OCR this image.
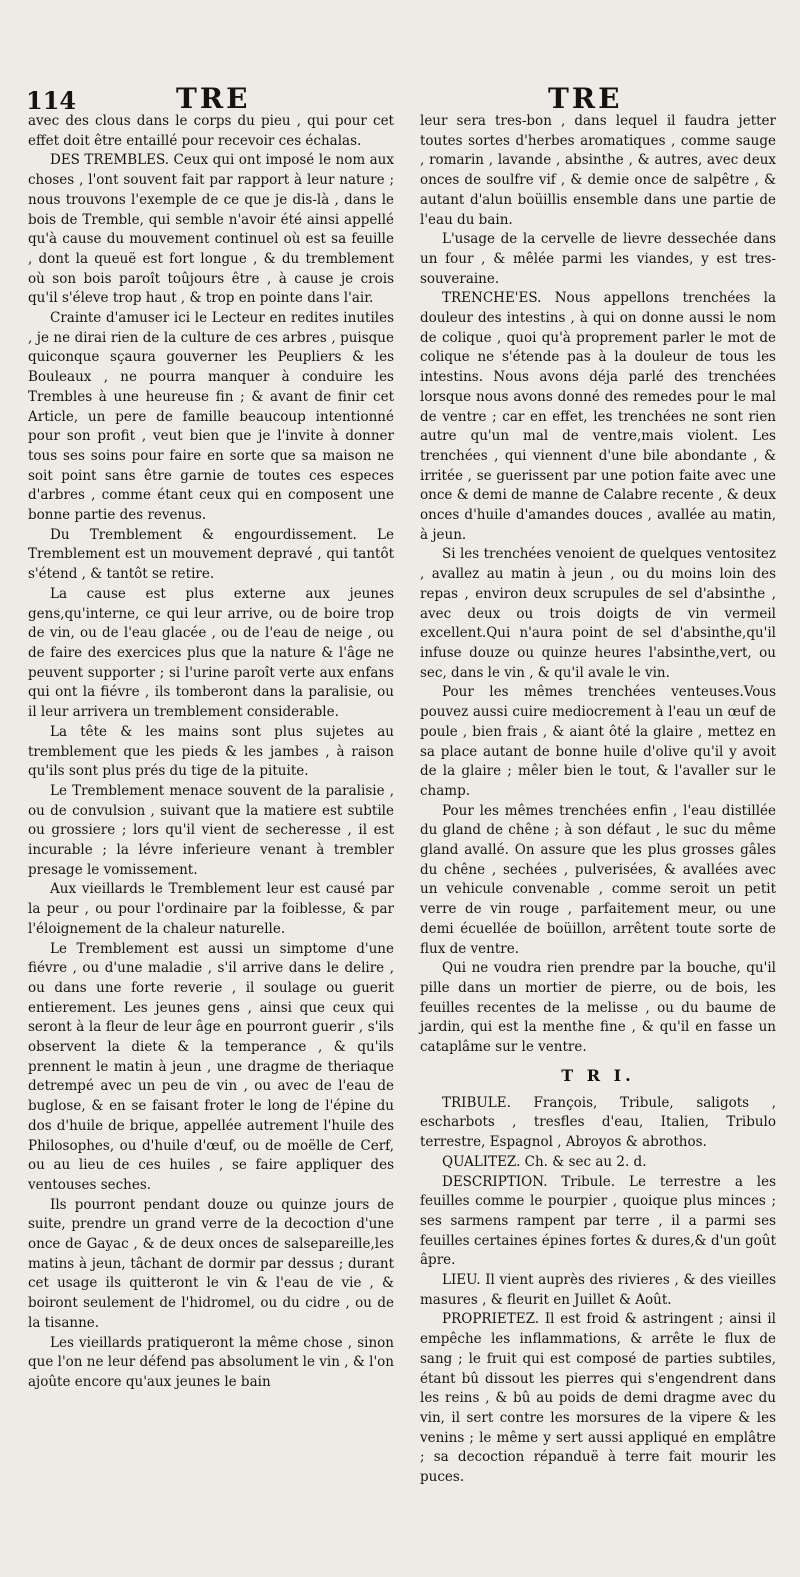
114	TRE	TRE

avec des clous dans le corps du pieu , qui pour cet effet doit être entaillé pour recevoir ces échalas.

DES TREMBLES. Ceux qui ont imposé le nom aux choses , l'ont souvent fait par rapport à leur nature ; nous trouvons l'exemple de ce que je dis-là , dans le bois de Tremble, qui semble n'avoir été ainsi appellé qu'à cause du mouvement continuel où est sa feuille , dont la queuë est fort longue , & du tremblement où son bois paroît toûjours être , à cause je crois qu'il s'éleve trop haut , & trop en pointe dans l'air.

Crainte d'amuser ici le Lecteur en redites inutiles , je ne dirai rien de la culture de ces arbres , puisque quiconque sçaura gouverner les Peupliers & les Bouleaux , ne pourra manquer à conduire les Trembles à une heureuse fin ; & avant de finir cet Article, un pere de famille beaucoup intentionné pour son profit , veut bien que je l'invite à donner tous ses soins pour faire en sorte que sa maison ne soit point sans être garnie de toutes ces especes d'arbres , comme étant ceux qui en composent une bonne partie des revenus.

Du Tremblement & engourdissement. Le Tremblement est un mouvement depravé , qui tantôt s'étend , & tantôt se retire.

La cause est plus externe aux jeunes gens,qu'interne, ce qui leur arrive, ou de boire trop de vin, ou de l'eau glacée , ou de l'eau de neige , ou de faire des exercices plus que la nature & l'âge ne peuvent supporter ; si l'urine paroît verte aux enfans qui ont la fiévre , ils tomberont dans la paralisie, ou il leur arrivera un tremblement considerable.

La tête & les mains sont plus sujetes au tremblement que les pieds & les jambes , à raison qu'ils sont plus prés du tige de la pituite.

Le Tremblement menace souvent de la paralisie , ou de convulsion , suivant que la matiere est subtile ou grossiere ; lors qu'il vient de secheresse , il est incurable ; la lévre inferieure venant à trembler presage le vomissement.

Aux vieillards le Tremblement leur est causé par la peur , ou pour l'ordinaire par la foiblesse, & par l'éloignement de la chaleur naturelle.

Le Tremblement est aussi un simptome d'une fiévre , ou d'une maladie , s'il arrive dans le delire , ou dans une forte reverie , il soulage ou guerit entierement. Les jeunes gens , ainsi que ceux qui seront à la fleur de leur âge en pourront guerir , s'ils observent la diete & la temperance , & qu'ils prennent le matin à jeun , une dragme de theriaque detrempé avec un peu de vin , ou avec de l'eau de buglose, & en se faisant froter le long de l'épine du dos d'huile de brique, appellée autrement l'huile des Philosophes, ou d'huile d'œuf, ou de moëlle de Cerf, ou au lieu de ces huiles , se faire appliquer des ventouses seches.

Ils pourront pendant douze ou quinze jours de suite, prendre un grand verre de la decoction d'une once de Gayac , & de deux onces de salsepareille,les matins à jeun, tâchant de dormir par dessus ; durant cet usage ils quitteront le vin & l'eau de vie , & boiront seulement de l'hidromel, ou du cidre , ou de la tisanne.

Les vieillards pratiqueront la même chose , sinon que l'on ne leur défend pas absolument le vin , & l'on ajoûte encore qu'aux jeunes le bain

leur sera tres-bon , dans lequel il faudra jetter toutes sortes d'herbes aromatiques , comme sauge , romarin , lavande , absinthe , & autres, avec deux onces de soulfre vif , & demie once de salpêtre , & autant d'alun boüillis ensemble dans une partie de l'eau du bain.

L'usage de la cervelle de lievre dessechée dans un four , & mêlée parmi les viandes, y est tres-souveraine.

TRENCHE'ES. Nous appellons trenchées la douleur des intestins , à qui on donne aussi le nom de colique , quoi qu'à proprement parler le mot de colique ne s'étende pas à la douleur de tous les intestins. Nous avons déja parlé des trenchées lorsque nous avons donné des remedes pour le mal de ventre ; car en effet, les trenchées ne sont rien autre qu'un mal de ventre,mais violent. Les trenchées , qui viennent d'une bile abondante , & irritée , se guerissent par une potion faite avec une once & demi de manne de Calabre recente , & deux onces d'huile d'amandes douces , avallée au matin, à jeun.

Si les trenchées venoient de quelques ventositez , avallez au matin à jeun , ou du moins loin des repas , environ deux scrupules de sel d'absinthe , avec deux ou trois doigts de vin vermeil excellent.Qui n'aura point de sel d'absinthe,qu'il infuse douze ou quinze heures l'absinthe,vert, ou sec, dans le vin , & qu'il avale le vin.

Pour les mêmes trenchées venteuses.Vous pouvez aussi cuire mediocrement à l'eau un œuf de poule , bien frais , & aiant ôté la glaire , mettez en sa place autant de bonne huile d'olive qu'il y avoit de la glaire ; mêler bien le tout, & l'avaller sur le champ.

Pour les mêmes trenchées enfin , l'eau distillée du gland de chêne ; à son défaut , le suc du même gland avallé. On assure que les plus grosses gâles du chêne , sechées , pulverisées, & avallées avec un vehicule convenable , comme seroit un petit verre de vin rouge , parfaitement meur, ou une demi écuellée de boüillon, arrêtent toute sorte de flux de ventre.

Qui ne voudra rien prendre par la bouche, qu'il pille dans un mortier de pierre, ou de bois, les feuilles recentes de la melisse , ou du baume de jardin, qui est la menthe fine , & qu'il en fasse un cataplâme sur le ventre.

T R I.

TRIBULE. François, Tribule, saligots , escharbots , tresfles d'eau, Italien, Tribulo terrestre, Espagnol , Abroyos & abrothos.

QUALITEZ. Ch. & sec au 2. d.

DESCRIPTION. Tribule. Le terrestre a les feuilles comme le pourpier , quoique plus minces ; ses sarmens rampent par terre , il a parmi ses feuilles certaines épines fortes & dures,& d'un goût âpre.

LIEU. Il vient auprès des rivieres , & des vieilles masures , & fleurit en Juillet & Août.

PROPRIETEZ. Il est froid & astringent ; ainsi il empêche les inflammations, & arrête le flux de sang ; le fruit qui est composé de parties subtiles, étant bû dissout les pierres qui s'engendrent dans les reins , & bû au poids de demi dragme avec du vin, il sert contre les morsures de la vipere & les venins ; le même y sert aussi appliqué en emplâtre ; sa decoction répanduë à terre fait mourir les puces.
